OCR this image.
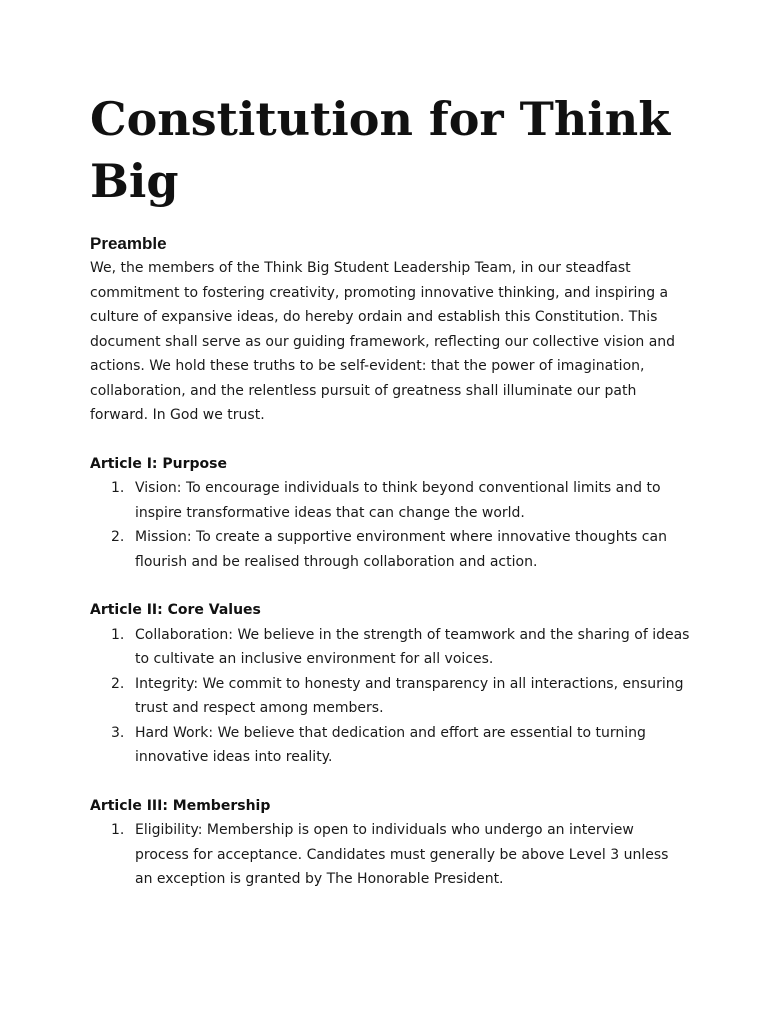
Constitution for Think Big
Preamble

We, the members of the Think Big Student Leadership Team, in our steadfast commitment to fostering creativity, promoting innovative thinking, and inspiring a culture of expansive ideas, do hereby ordain and establish this Constitution. This document shall serve as our guiding framework, reflecting our collective vision and actions. We hold these truths to be self-evident: that the power of imagination, collaboration, and the relentless pursuit of greatness shall illuminate our path forward. In God we trust.

Article I: Purpose
1. Vision: To encourage individuals to think beyond conventional limits and to inspire transformative ideas that can change the world.
2. Mission: To create a supportive environment where innovative thoughts can flourish and be realised through collaboration and action.
Article II: Core Values
1. Collaboration: We believe in the strength of teamwork and the sharing of ideas to cultivate an inclusive environment for all voices.
2. Integrity: We commit to honesty and transparency in all interactions, ensuring trust and respect among members.
3. Hard Work: We believe that dedication and effort are essential to turning innovative ideas into reality.
Article III: Membership
1. Eligibility: Membership is open to individuals who undergo an interview process for acceptance. Candidates must generally be above Level 3 unless an exception is granted by The Honorable President.
